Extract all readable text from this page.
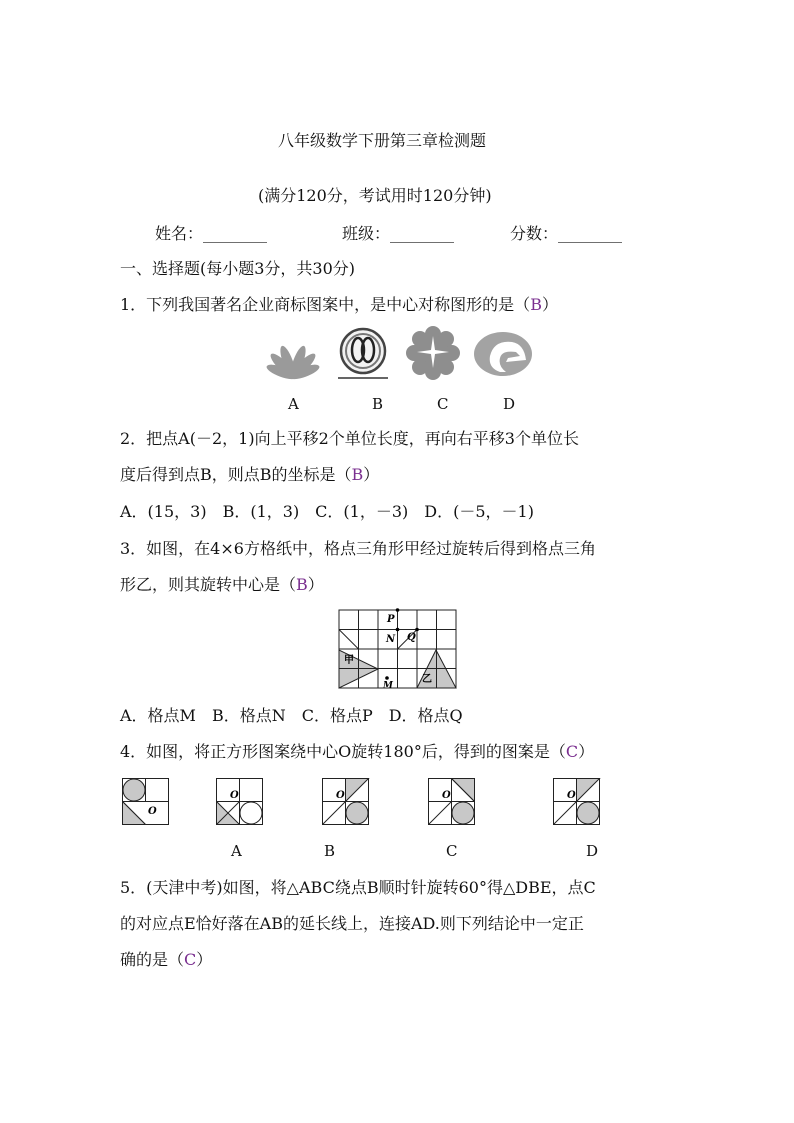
八年级数学下册第三章检测题
(满分120分，考试用时120分钟)
姓名：________	班级：________	分数：________
一、选择题(每小题3分，共30分)
1．下列我国著名企业商标图案中，是中心对称图形的是（B）
A	B	C	D
2．把点A(－2，1)向上平移2个单位长度，再向右平移3个单位长
度后得到点B，则点B的坐标是（B）
A．(15，3)　B．(1，3)　C．(1，－3)　D．(－5，－1)
3．如图，在4×6方格纸中，格点三角形甲经过旋转后得到格点三角
形乙，则其旋转中心是（B）
P
N Q
M
甲
乙
A．格点M　B．格点N　C．格点P　D．格点Q
4．如图，将正方形图案绕中心O旋转180°后，得到的图案是（C）
O
O	O	O	O
A	B	C	D
5．(天津中考)如图，将△ABC绕点B顺时针旋转60°得△DBE，点C
的对应点E恰好落在AB的延长线上，连接AD.则下列结论中一定正
确的是（C）
